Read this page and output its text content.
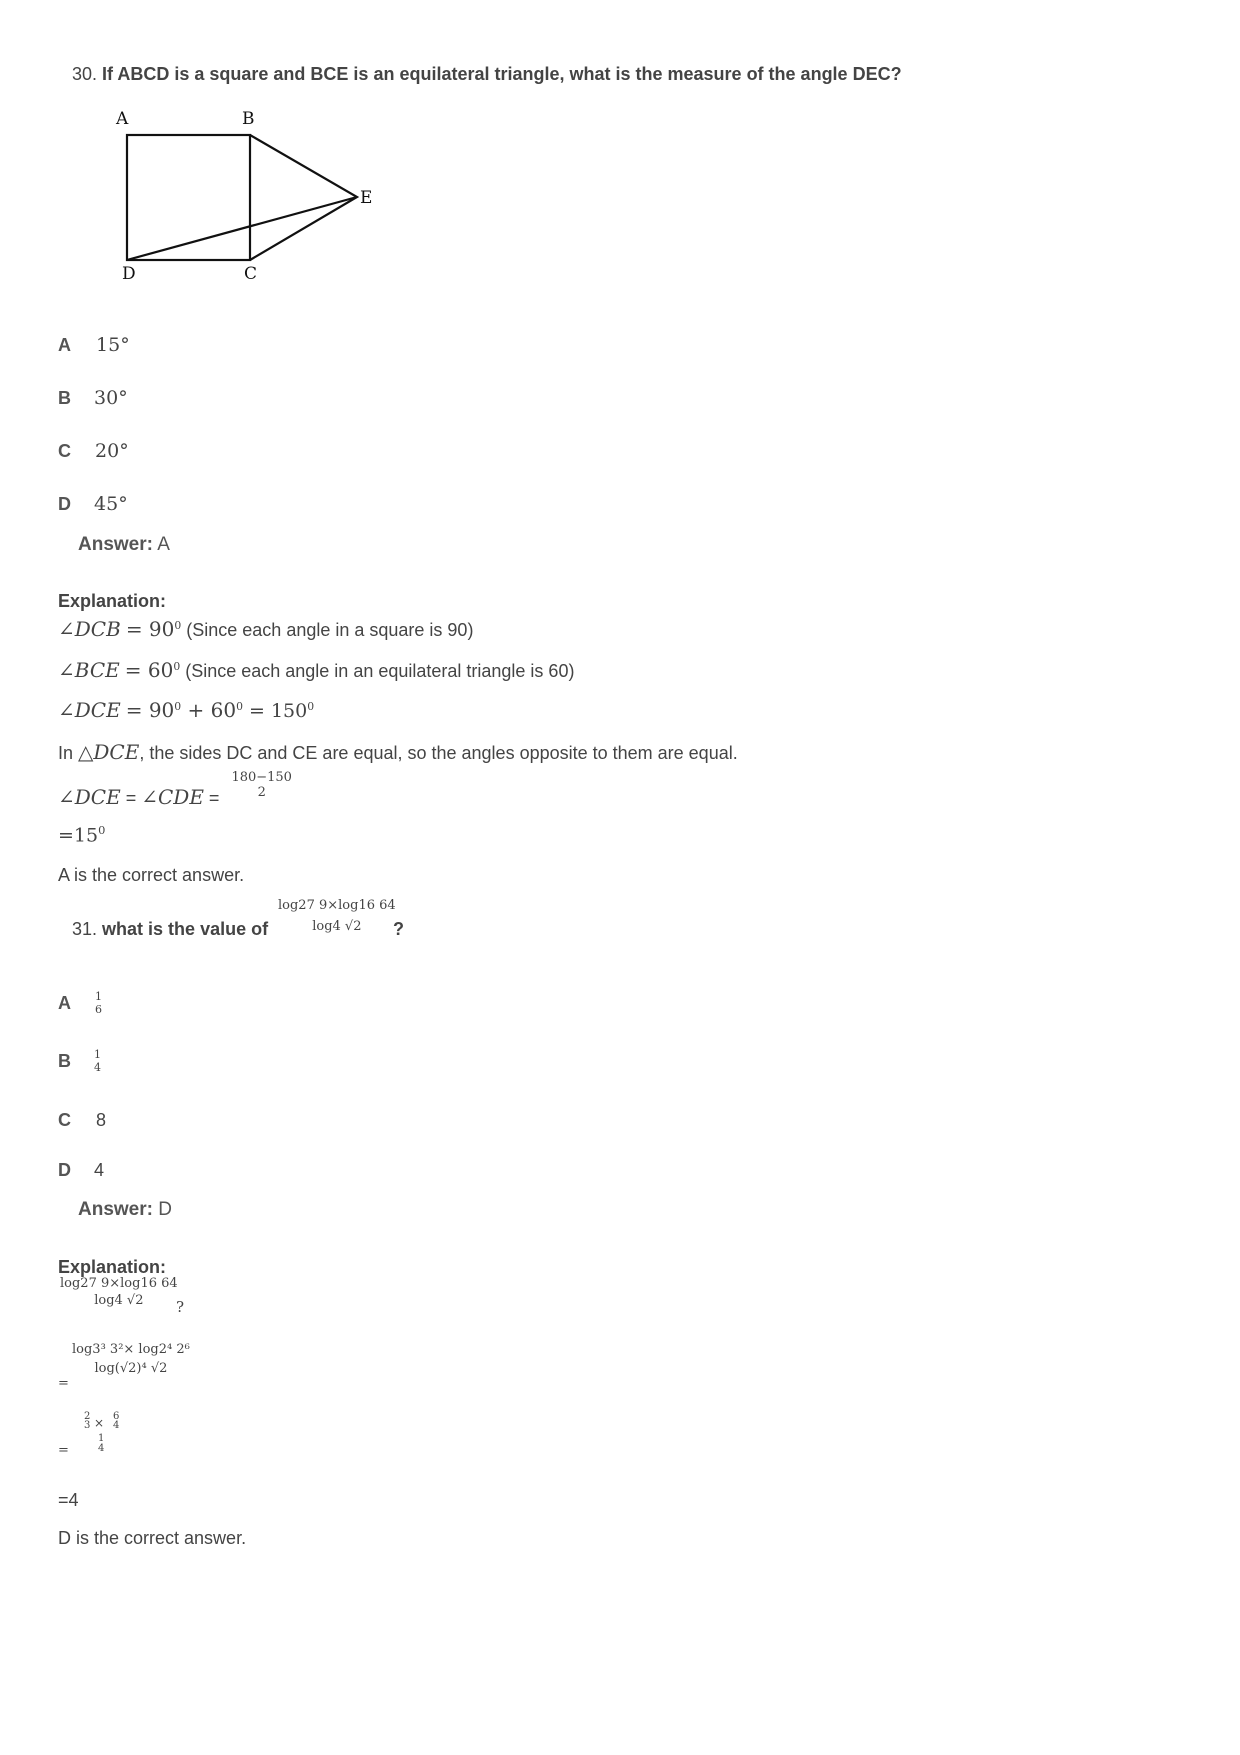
30. If ABCD is a square and BCE is an equilateral triangle, what is the measure of the angle DEC?
A	B
E
D	C
A 15°
B 30°
C 20°
D 45°
Answer: A
Explanation:
∠DCB = $90^0$ (Since each angle in a square is 90)
∠BCE = $60^0$ (Since each angle in an equilateral triangle is 60)
∠DCE = $90^0 + 60^0 = 150^0$
In △DCE, the sides DC and CE are equal, so the angles opposite to them are equal.
∠DCE = ∠CDE =
180−150
2
$=15^0$
A is the correct answer.
31. what is the value of
log27 9×log16 64
log4 √2 ?
A 1
6
B 1
4
C 8
D 4
Answer: D
Explanation:
log27 9×log16 64
log4 √2 ?
=
log3³ 3²× log2⁴ 2⁶
log(√2)⁴ √2
=
2
3 × 6
4
1
4
=4
D is the correct answer.
